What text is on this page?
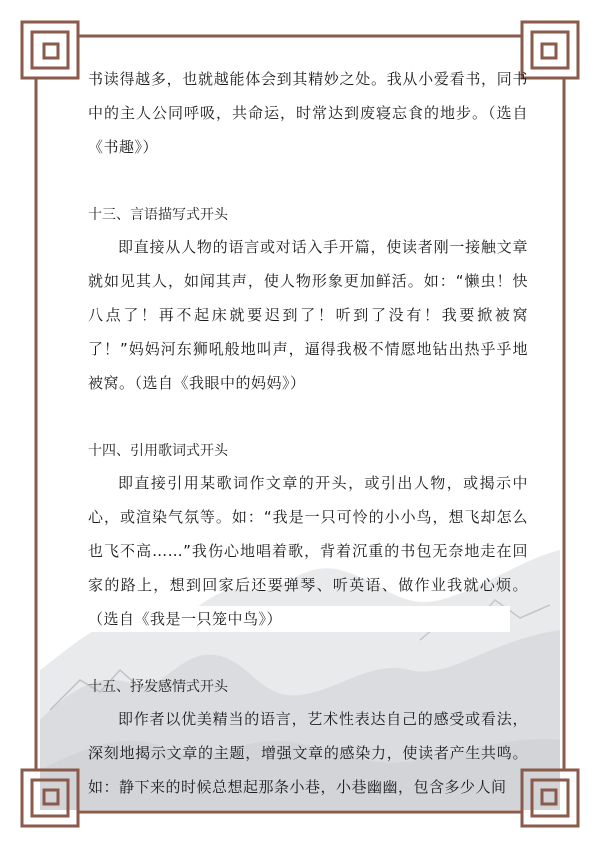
书读得越多，也就越能体会到其精妙之处。我从小爱看书，同书中的主人公同呼吸，共命运，时常达到废寝忘食的地步。（选自《书趣》）

十三、言语描写式开头

即直接从人物的语言或对话入手开篇，使读者刚一接触文章就如见其人，如闻其声，使人物形象更加鲜活。如：“懒虫！快八点了！再不起床就要迟到了！听到了没有！我要掀被窝了！”妈妈河东狮吼般地叫声，逼得我极不情愿地钻出热乎乎地被窝。（选自《我眼中的妈妈》）

十四、引用歌词式开头

即直接引用某歌词作文章的开头，或引出人物，或揭示中心，或渲染气氛等。如：“我是一只可怜的小小鸟，想飞却怎么也飞不高……”我伤心地唱着歌，背着沉重的书包无奈地走在回家的路上，想到回家后还要弹琴、听英语、做作业我就心烦。（选自《我是一只笼中鸟》）

十五、抒发感情式开头

即作者以优美精当的语言，艺术性表达自己的感受或看法，深刻地揭示文章的主题，增强文章的感染力，使读者产生共鸣。如：静下来的时候总想起那条小巷，小巷幽幽，包含多少人间
